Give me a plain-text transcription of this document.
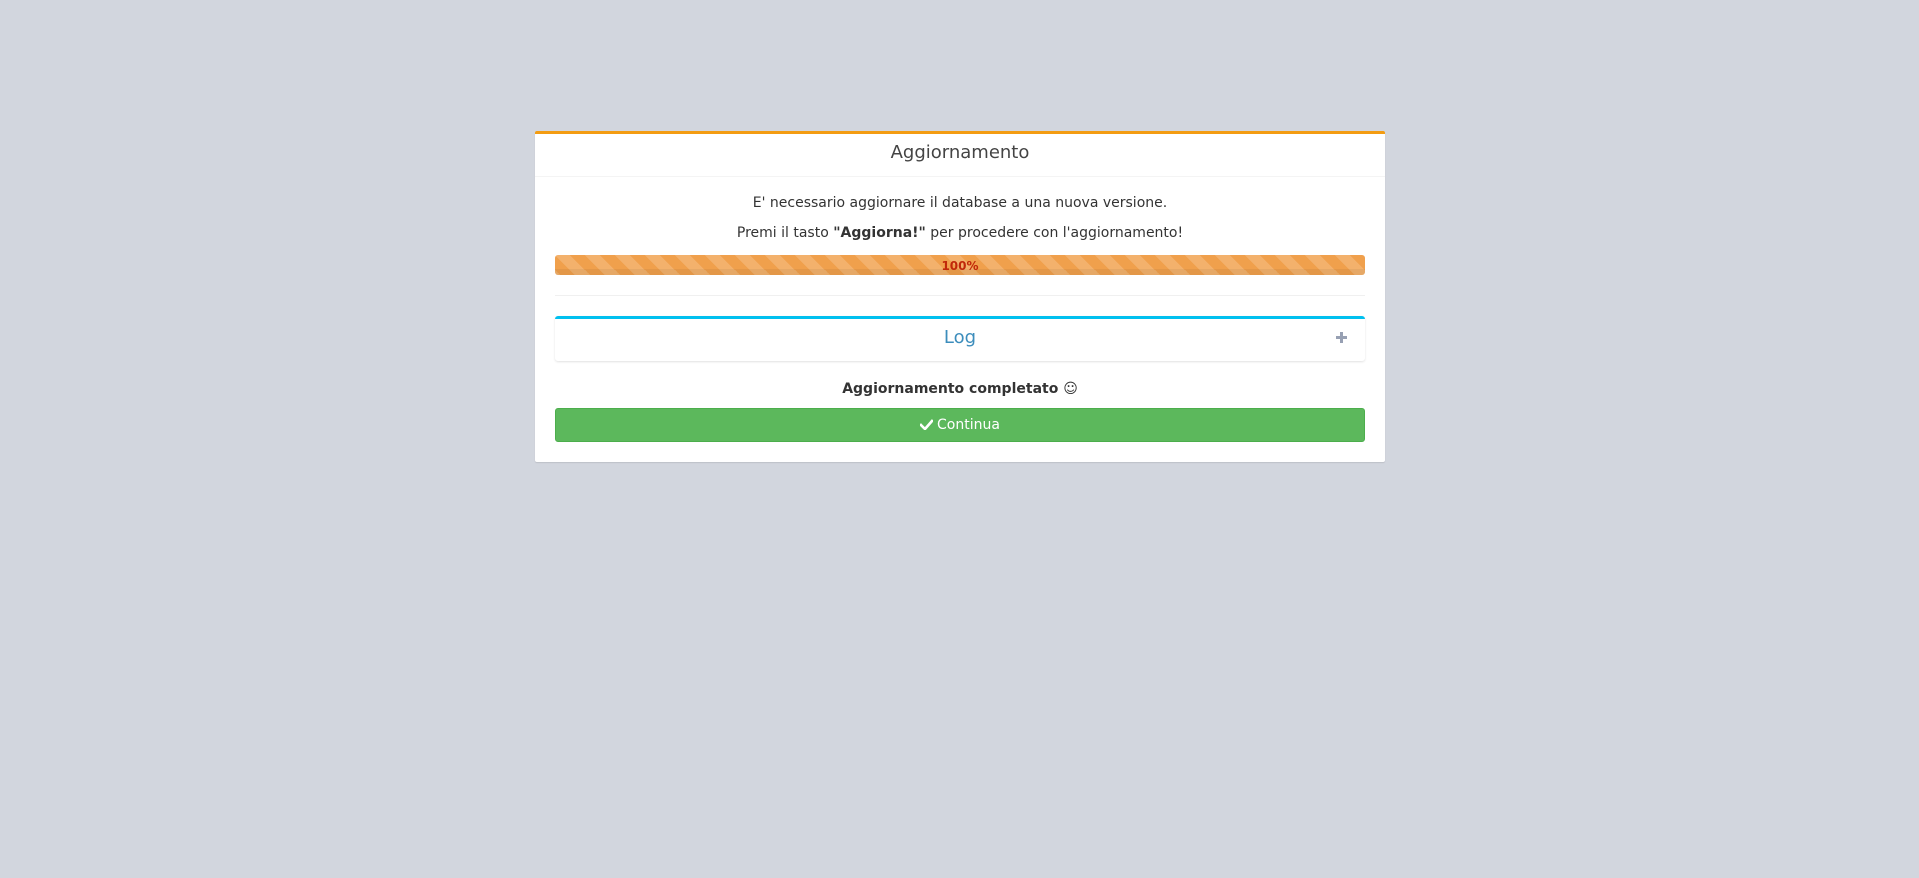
Aggiornamento

E' necessario aggiornare il database a una nuova versione.

Premi il tasto "Aggiorna!" per procedere con l'aggiornamento!

100%
Log

Aggiornamento completato ☺

Continua
